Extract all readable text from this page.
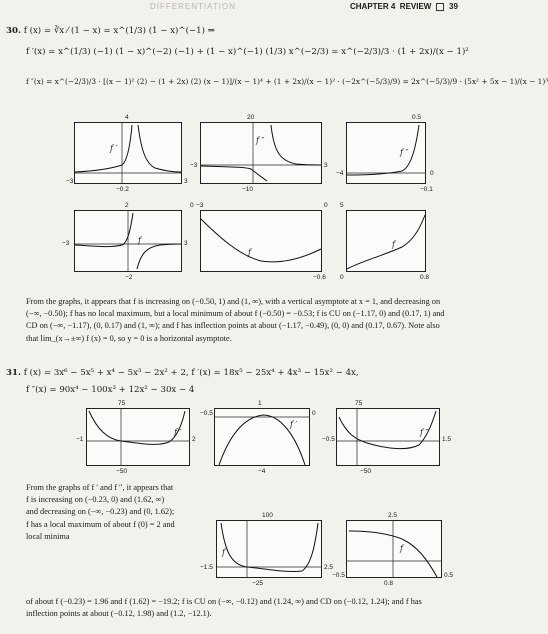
DIFFERENTIATION	CHAPTER 4 REVIEW 39
30. f (x) = ∛x ⁄ (1 − x) = x^(1/3) (1 − x)^(−1) ⇒
f ′(x) = x^(1/3) (−1) (1 − x)^(−2) (−1) + (1 − x)^(−1) (1/3) x^(−2/3) = x^(−2/3)/3 · (1 + 2x)/(x − 1)²
f ″(x) = x^(−2/3)/3 · [(x − 1)² (2) − (1 + 2x) (2) (x − 1)]/(x − 1)⁴ + (1 + 2x)/(x − 1)² · (−2x^(−5/3)/9) = 2x^(−5/3)/9 · (5x² + 5x − 1)/(x − 1)³
4
−3	3
−0.2
f ′
20
−3	3
−10
f ″
0.5
−4	0
−0.1
f ″
2
−3	3
−2
f
0 −3	0
−0.6
f
5
0	0.8
f
From the graphs, it appears that f is increasing on (−0.50, 1) and (1, ∞), with a vertical asymptote at x = 1, and decreasing on (−∞, −0.50); f has no local maximum, but a local minimum of about f (−0.50) = −0.53; f is CU on (−1.17, 0) and (0.17, 1) and CD on (−∞, −1.17), (0, 0.17) and (1, ∞); and f has inflection points at about (−1.17, −0.49), (0, 0) and (0.17, 0.67). Note also that lim_(x→±∞) f (x) = 0, so y = 0 is a horizontal asymptote.
31. f (x) = 3x⁶ − 5x⁵ + x⁴ − 5x³ − 2x² + 2, f ′(x) = 18x⁵ − 25x⁴ + 4x³ − 15x² − 4x,
f ″(x) = 90x⁴ − 100x³ + 12x² − 30x − 4
75
−1	2
−50
f ′
1
−0.5	0
−4
f ′
75
−0.5	1.5
−50
f ″
From the graphs of f ′ and f ″, it appears that f is increasing on (−0.23, 0) and (1.62, ∞) and decreasing on (−∞, −0.23) and (0, 1.62); f has a local maximum of about f (0) = 2 and local minima
100
−1.5	2.5
−25
f
2.5
−0.5	0.5
0.8
f
of about f (−0.23) = 1.96 and f (1.62) = −19.2; f is CU on (−∞, −0.12) and (1.24, ∞) and CD on (−0.12, 1.24); and f has inflection points at about (−0.12, 1.98) and (1.2, −12.1).
